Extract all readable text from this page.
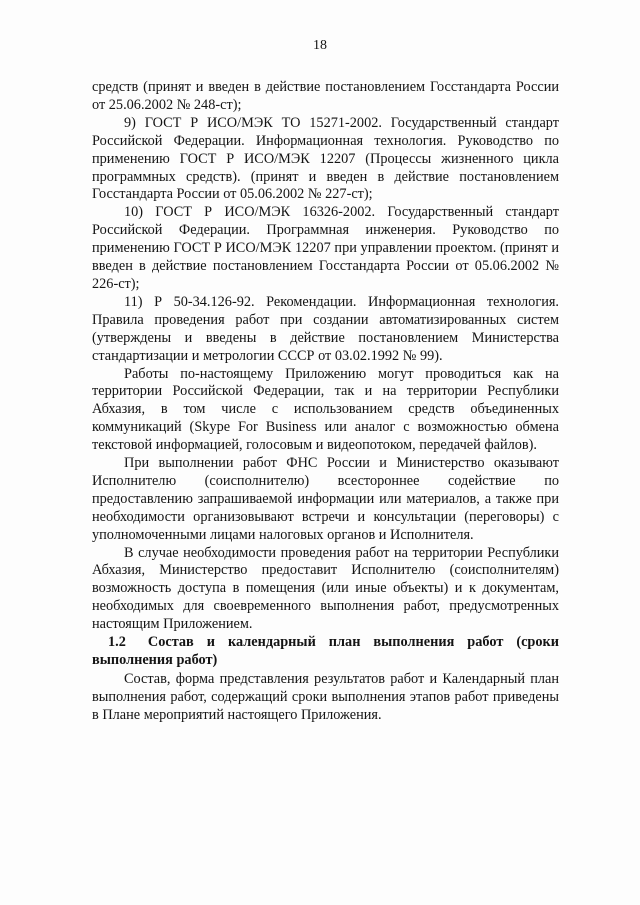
18

средств (принят и введен в действие постановлением Госстандарта России от 25.06.2002 № 248-ст);

9) ГОСТ Р ИСО/МЭК ТО 15271-2002. Государственный стандарт Российской Федерации. Информационная технология. Руководство по применению ГОСТ Р ИСО/МЭК 12207 (Процессы жизненного цикла программных средств). (принят и введен в действие постановлением Госстандарта России от 05.06.2002 № 227-ст);

10) ГОСТ Р ИСО/МЭК 16326-2002. Государственный стандарт Российской Федерации. Программная инженерия. Руководство по применению ГОСТ Р ИСО/МЭК 12207 при управлении проектом. (принят и введен в действие постановлением Госстандарта России от 05.06.2002 № 226-ст);

11) Р 50-34.126-92. Рекомендации. Информационная технология. Правила проведения работ при создании автоматизированных систем (утверждены и введены в действие постановлением Министерства стандартизации и метрологии СССР от 03.02.1992 № 99).

Работы по-настоящему Приложению могут проводиться как на территории Российской Федерации, так и на территории Республики Абхазия, в том числе с использованием средств объединенных коммуникаций (Skype For Business или аналог с возможностью обмена текстовой информацией, голосовым и видеопотоком, передачей файлов).

При выполнении работ ФНС России и Министерство оказывают Исполнителю (соисполнителю) всестороннее содействие по предоставлению запрашиваемой информации или материалов, а также при необходимости организовывают встречи и консультации (переговоры) с уполномоченными лицами налоговых органов и Исполнителя.

В случае необходимости проведения работ на территории Республики Абхазия, Министерство предоставит Исполнителю (соисполнителям) возможность доступа в помещения (или иные объекты) и к документам, необходимых для своевременного выполнения работ, предусмотренных настоящим Приложением.

1.2 Состав и календарный план выполнения работ (сроки выполнения работ)

Состав, форма представления результатов работ и Календарный план выполнения работ, содержащий сроки выполнения этапов работ приведены в Плане мероприятий настоящего Приложения.
